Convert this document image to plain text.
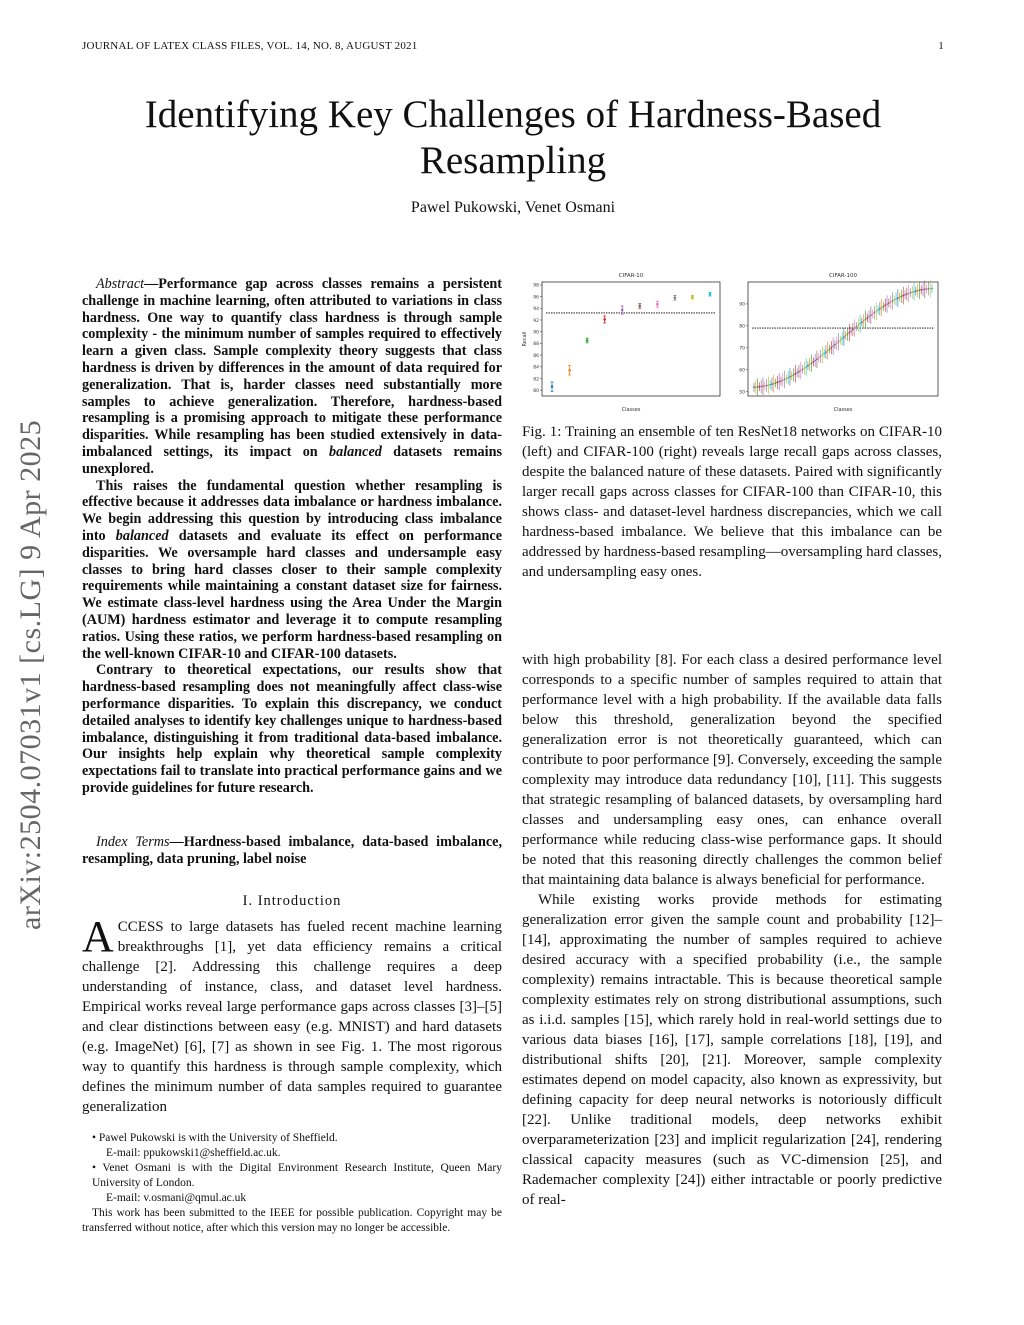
JOURNAL OF LATEX CLASS FILES, VOL. 14, NO. 8, AUGUST 2021	1
Identifying Key Challenges of Hardness-Based
Resampling
Pawel Pukowski, Venet Osmani
arXiv:2504.07031v1 [cs.LG] 9 Apr 2025

Abstract—Performance gap across classes remains a persistent challenge in machine learning, often attributed to variations in class hardness. One way to quantify class hardness is through sample complexity - the minimum number of samples required to effectively learn a given class. Sample complexity theory suggests that class hardness is driven by differences in the amount of data required for generalization. That is, harder classes need substantially more samples to achieve generalization. Therefore, hardness-based resampling is a promising approach to mitigate these performance disparities. While resampling has been studied extensively in data-imbalanced settings, its impact on balanced datasets remains unexplored.

This raises the fundamental question whether resampling is effective because it addresses data imbalance or hardness imbalance. We begin addressing this question by introducing class imbalance into balanced datasets and evaluate its effect on performance disparities. We oversample hard classes and undersample easy classes to bring hard classes closer to their sample complexity requirements while maintaining a constant dataset size for fairness. We estimate class-level hardness using the Area Under the Margin (AUM) hardness estimator and leverage it to compute resampling ratios. Using these ratios, we perform hardness-based resampling on the well-known CIFAR-10 and CIFAR-100 datasets.

Contrary to theoretical expectations, our results show that hardness-based resampling does not meaningfully affect class-wise performance disparities. To explain this discrepancy, we conduct detailed analyses to identify key challenges unique to hardness-based imbalance, distinguishing it from traditional data-based imbalance. Our insights help explain why theoretical sample complexity expectations fail to translate into practical performance gains and we provide guidelines for future research.

Index Terms—Hardness-based imbalance, data-based imbalance, resampling, data pruning, label noise

I. Introduction

ACCESS to large datasets has fueled recent machine learning breakthroughs [1], yet data efficiency remains a critical challenge [2]. Addressing this challenge requires a deep understanding of instance, class, and dataset level hardness. Empirical works reveal large performance gaps across classes [3]–[5] and clear distinctions between easy (e.g. MNIST) and hard datasets (e.g. ImageNet) [6], [7] as shown in see Fig. 1. The most rigorous way to quantify this hardness is through sample complexity, which defines the minimum number of data samples required to guarantee generalization

• Pawel Pukowski is with the University of Sheffield.

E-mail: ppukowski1@sheffield.ac.uk.

• Venet Osmani is with the Digital Environment Research Institute, Queen Mary University of London.

E-mail: v.osmani@qmul.ac.uk

This work has been submitted to the IEEE for possible publication. Copyright may be transferred without notice, after which this version may no longer be accessible.

CIFAR-10
Classes
Recall
80
82
84
86
88
90
92
94
96
98
CIFAR-100
Classes
50
60
70
80
90
Fig. 1: Training an ensemble of ten ResNet18 networks on CIFAR-10 (left) and CIFAR-100 (right) reveals large recall gaps across classes, despite the balanced nature of these datasets. Paired with significantly larger recall gaps across classes for CIFAR-100 than CIFAR-10, this shows class- and dataset-level hardness discrepancies, which we call hardness-based imbalance. We believe that this imbalance can be addressed by hardness-based resampling—oversampling hard classes, and undersampling easy ones.

with high probability [8]. For each class a desired performance level corresponds to a specific number of samples required to attain that performance level with a high probability. If the available data falls below this threshold, generalization beyond the specified generalization error is not theoretically guaranteed, which can contribute to poor performance [9]. Conversely, exceeding the sample complexity may introduce data redundancy [10], [11]. This suggests that strategic resampling of balanced datasets, by oversampling hard classes and undersampling easy ones, can enhance overall performance while reducing class-wise performance gaps. It should be noted that this reasoning directly challenges the common belief that maintaining data balance is always beneficial for performance.

While existing works provide methods for estimating generalization error given the sample count and probability [12]–[14], approximating the number of samples required to achieve desired accuracy with a specified probability (i.e., the sample complexity) remains intractable. This is because theoretical sample complexity estimates rely on strong distributional assumptions, such as i.i.d. samples [15], which rarely hold in real-world settings due to various data biases [16], [17], sample correlations [18], [19], and distributional shifts [20], [21]. Moreover, sample complexity estimates depend on model capacity, also known as expressivity, but defining capacity for deep neural networks is notoriously difficult [22]. Unlike traditional models, deep networks exhibit overparameterization [23] and implicit regularization [24], rendering classical capacity measures (such as VC-dimension [25], and Rademacher complexity [24]) either intractable or poorly predictive of real-
